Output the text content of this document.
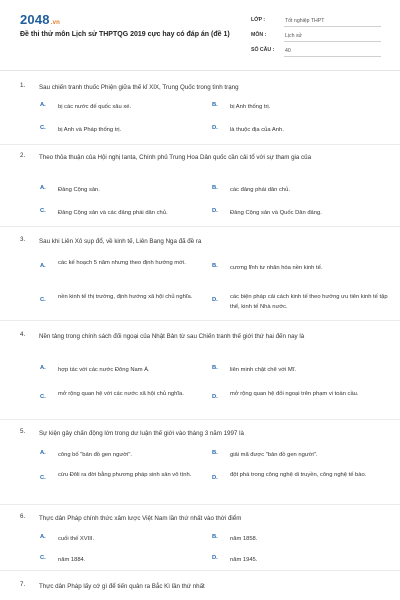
2048.vn
Đề thi thử môn Lịch sử THPTQG 2019 cực hay có đáp án (đề 1)
LỚP :	Tốt nghiệp THPT
MÔN :	Lịch sử
SỐ CÂU : 40
1. Sau chiến tranh thuốc Phiện giữa thế kỉ XIX, Trung Quốc trong tình trạng
A. bị các nước đế quốc xâu xé.	B. bị Anh thống trị.
C. bị Anh và Pháp thống trị.	D. là thuộc địa của Anh.
2. Theo thỏa thuận của Hội nghị Ianta, Chính phủ Trung Hoa Dân quốc cần cải tổ với sự tham gia của
A. Đảng Cộng sản.	B. các đảng phái dân chủ.
C. Đảng Cộng sản và các đảng phái dân chủ.	D. Đảng Cộng sản và Quốc Dân đảng.
3. Sau khi Liên Xô sụp đổ, về kinh tế, Liên Bang Nga đã đề ra
A. các kế hoạch 5 năm nhưng theo định hướng mới.	B. cương lĩnh tư nhân hóa nền kinh tế.
C. nền kinh tế thị trường, định hướng xã hội chủ nghĩa.	D. các biện pháp cải cách kinh tế theo hướng ưu tiên kinh tế tập thể, kinh tế Nhà nước.
4. Nền tảng trong chính sách đối ngoại của Nhật Bản từ sau Chiến tranh thế giới thứ hai đến nay là
A. hợp tác với các nước Đông Nam Á.	B. liên minh chặt chẽ với Mĩ.
C. mở rộng quan hệ với các nước xã hội chủ nghĩa.	D. mở rộng quan hệ đối ngoại trên phạm vi toàn cầu.
5. Sự kiện gây chấn động lớn trong dư luận thế giới vào tháng 3 năm 1997 là
A. công bố "bản đồ gen người".	B. giải mã được "bản đồ gen người".
C. cừu Đôli ra đời bằng phương pháp sinh sản vô tính.	D. đột phá trong công nghệ di truyền, công nghệ tế bào.
6. Thực dân Pháp chính thức xâm lược Việt Nam lần thứ nhất vào thời điểm
A. cuối thế XVIII.	B. năm 1858.
C. năm 1884.	D. năm 1945.
7. Thực dân Pháp lấy cớ gì để tiến quân ra Bắc Kì lần thứ nhất
